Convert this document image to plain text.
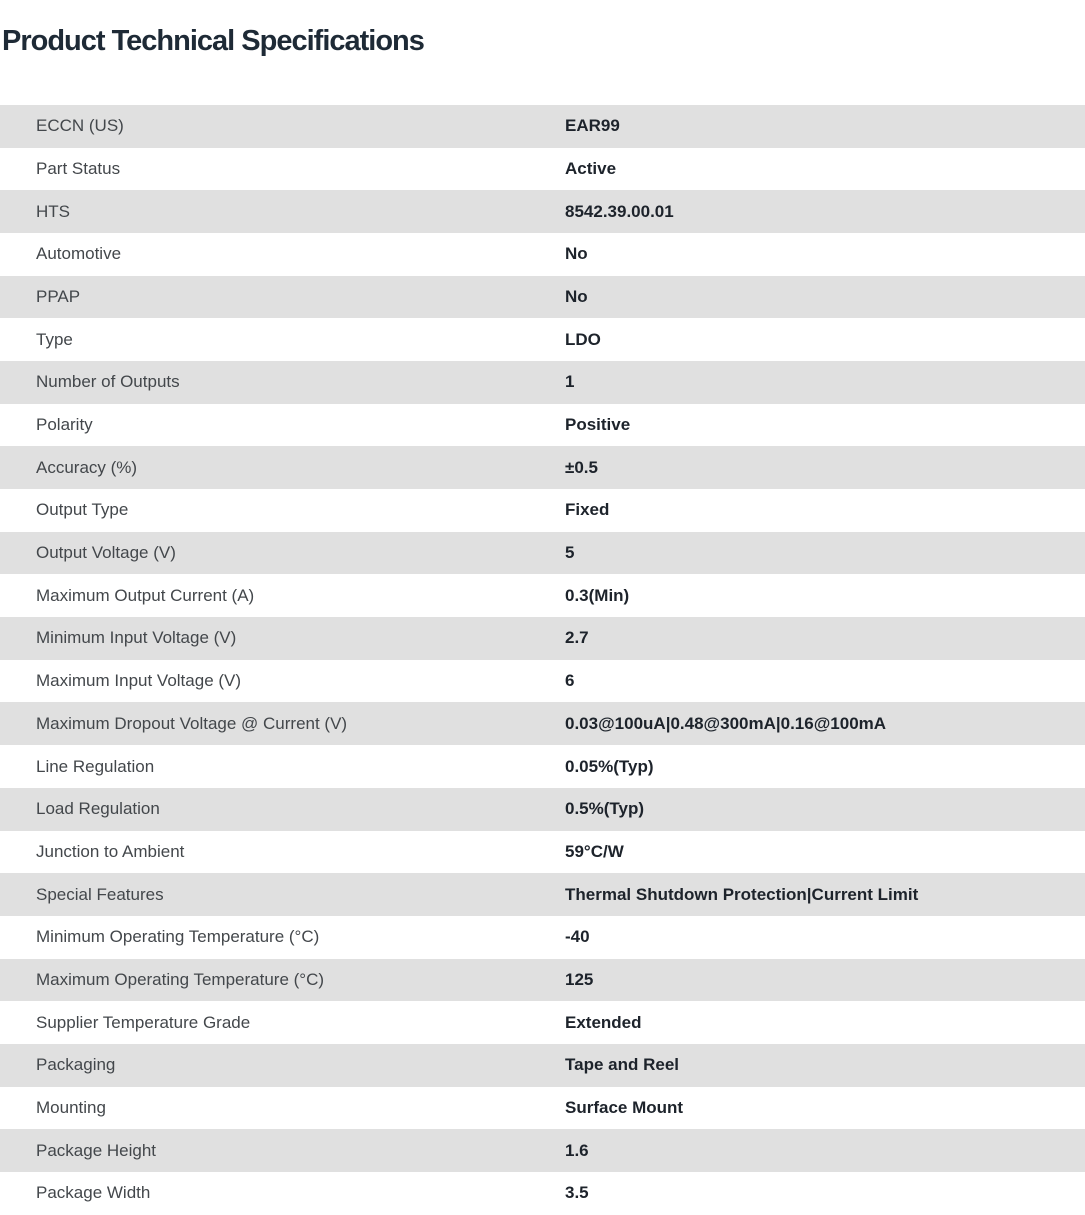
Product Technical Specifications
ECCN (US)	EAR99
Part Status	Active
HTS	8542.39.00.01
Automotive	No
PPAP	No
Type	LDO
Number of Outputs	1
Polarity	Positive
Accuracy (%)	±0.5
Output Type	Fixed
Output Voltage (V)	5
Maximum Output Current (A)	0.3(Min)
Minimum Input Voltage (V)	2.7
Maximum Input Voltage (V)	6
Maximum Dropout Voltage @ Current (V)	0.03@100uA|0.48@300mA|0.16@100mA
Line Regulation	0.05%(Typ)
Load Regulation	0.5%(Typ)
Junction to Ambient	59°C/W
Special Features	Thermal Shutdown Protection|Current Limit
Minimum Operating Temperature (°C)	-40
Maximum Operating Temperature (°C)	125
Supplier Temperature Grade	Extended
Packaging	Tape and Reel
Mounting	Surface Mount
Package Height	1.6
Package Width	3.5
